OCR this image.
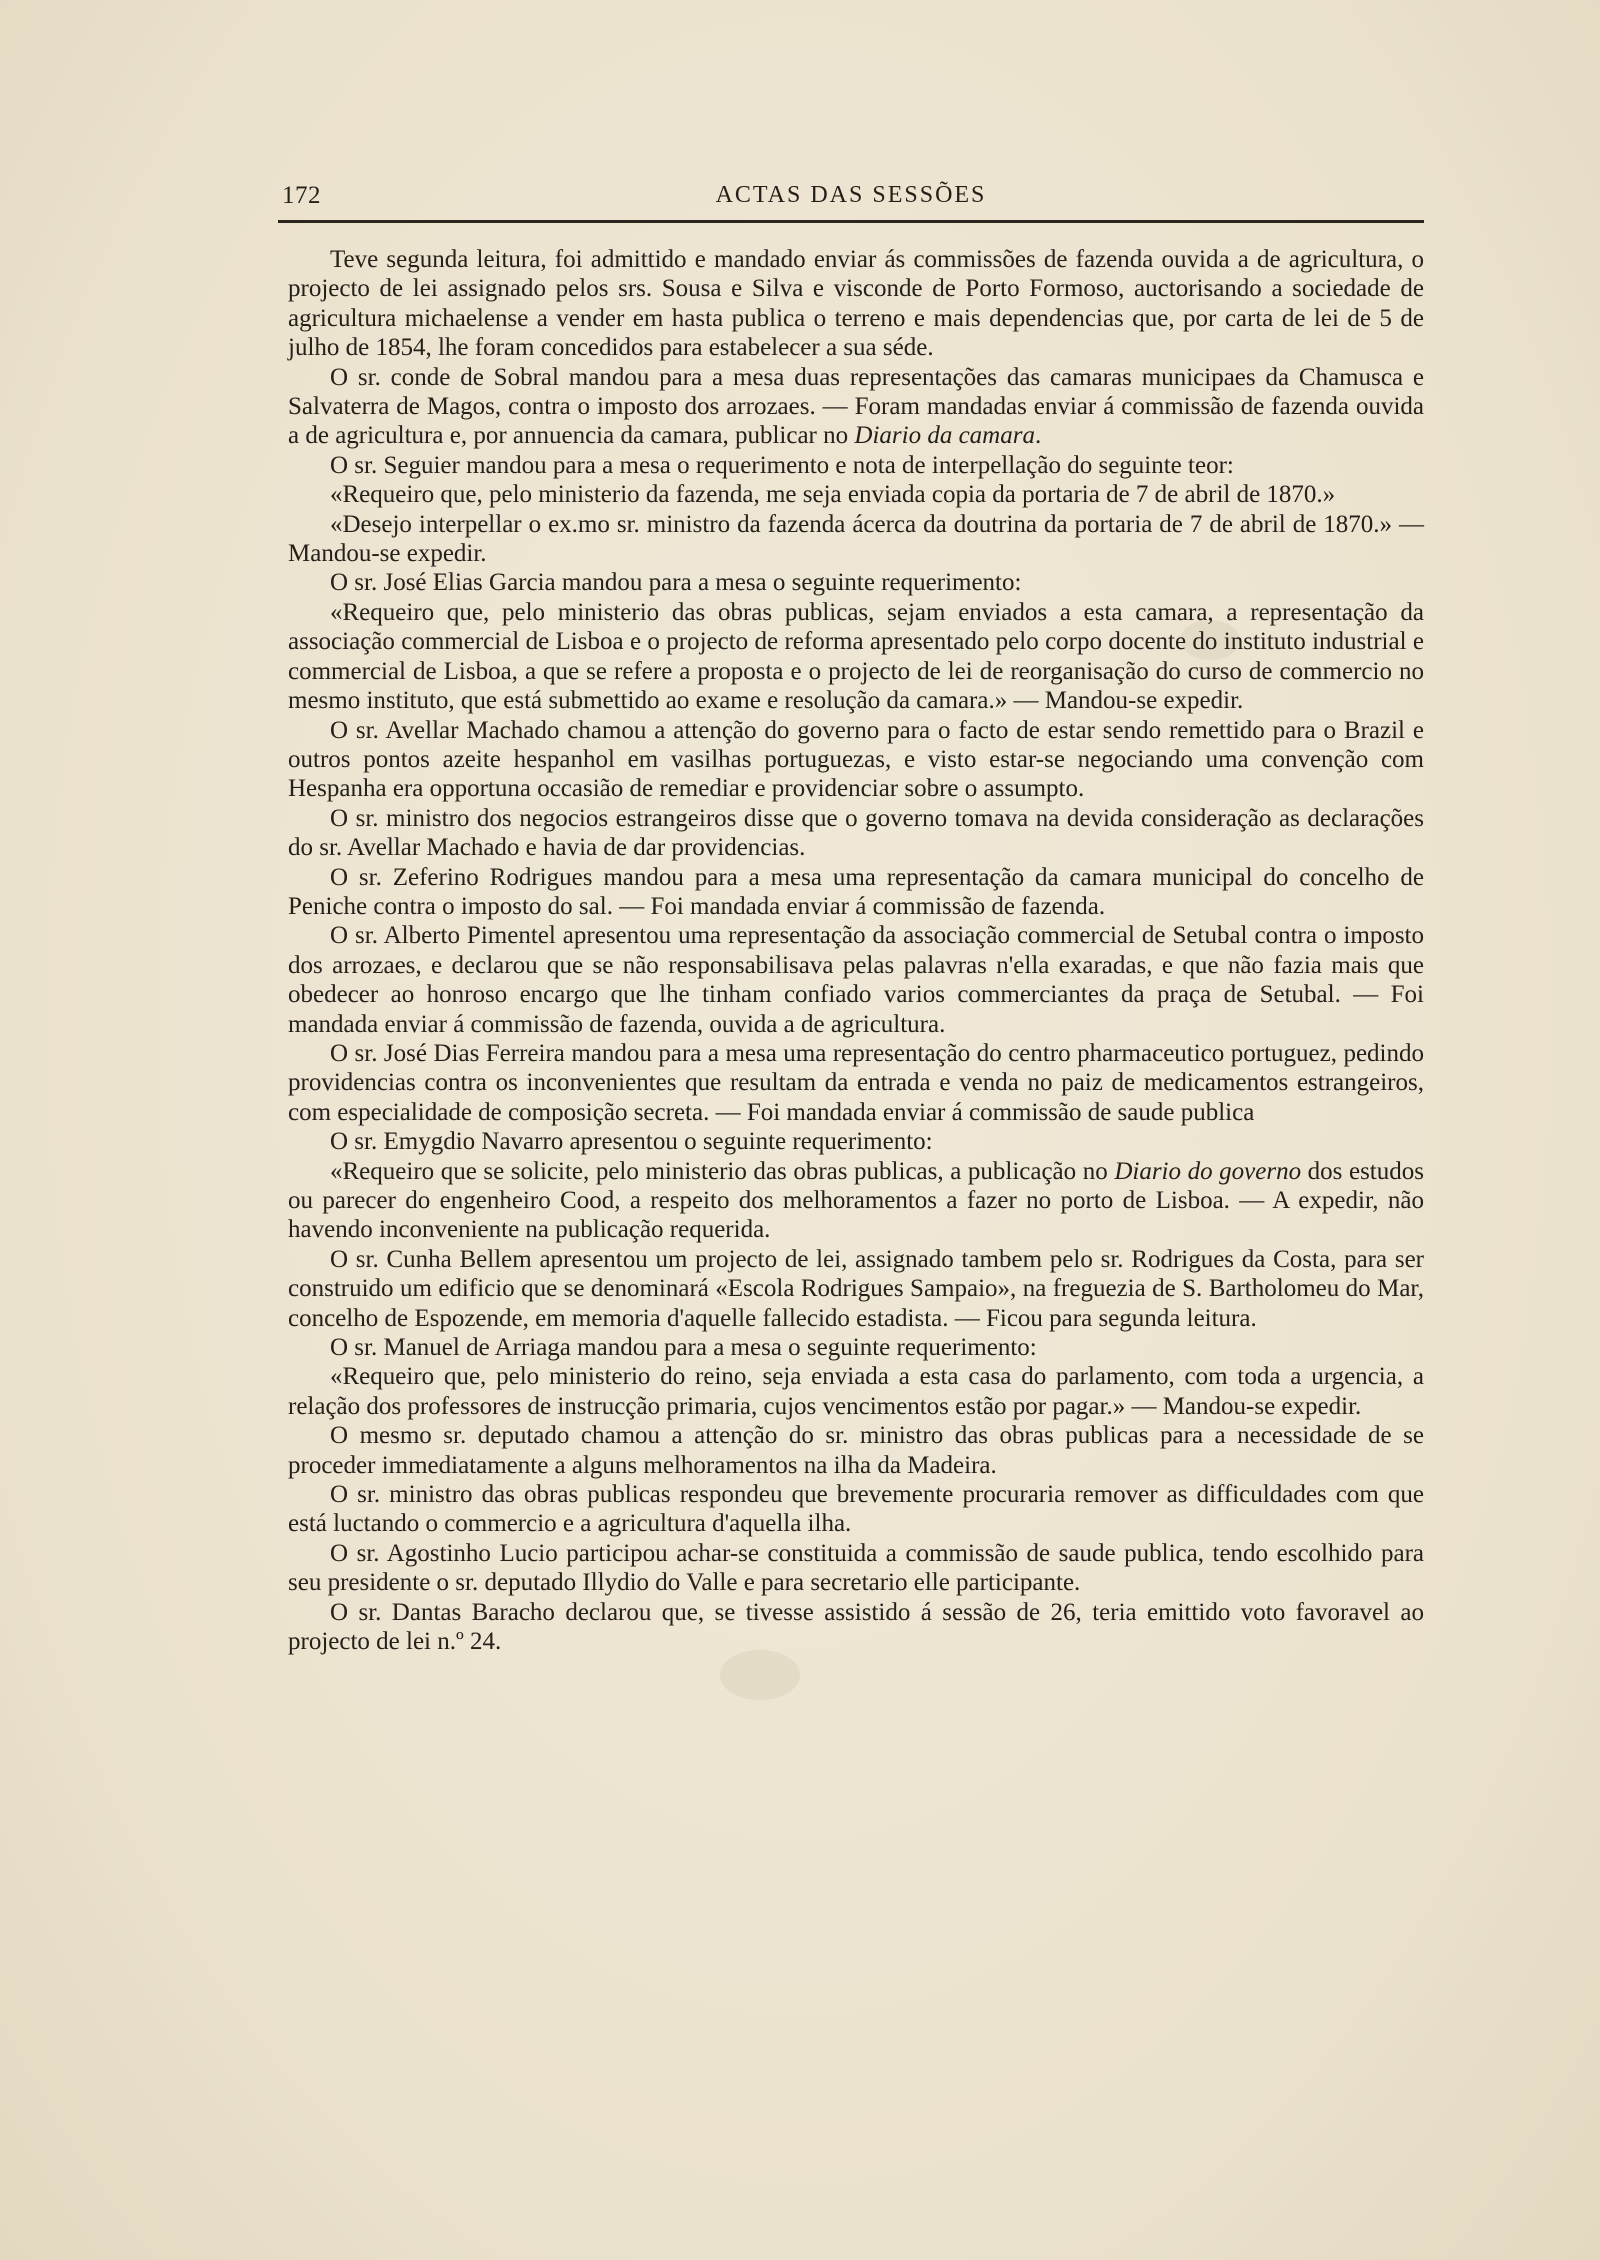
172	ACTAS DAS SESSÕES

Teve segunda leitura, foi admittido e mandado enviar ás commissões de fazenda ouvida a de agricultura, o projecto de lei assignado pelos srs. Sousa e Silva e visconde de Porto Formoso, auctorisando a sociedade de agricultura michaelense a vender em hasta publica o terreno e mais dependencias que, por carta de lei de 5 de julho de 1854, lhe foram concedidos para estabelecer a sua séde.

O sr. conde de Sobral mandou para a mesa duas representações das camaras municipaes da Chamusca e Salvaterra de Magos, contra o imposto dos arrozaes. — Foram mandadas enviar á commissão de fazenda ouvida a de agricultura e, por annuencia da camara, publicar no Diario da camara.

O sr. Seguier mandou para a mesa o requerimento e nota de interpellação do seguinte teor:

«Requeiro que, pelo ministerio da fazenda, me seja enviada copia da portaria de 7 de abril de 1870.»

«Desejo interpellar o ex.mo sr. ministro da fazenda ácerca da doutrina da portaria de 7 de abril de 1870.» — Mandou-se expedir.

O sr. José Elias Garcia mandou para a mesa o seguinte requerimento:

«Requeiro que, pelo ministerio das obras publicas, sejam enviados a esta camara, a representação da associação commercial de Lisboa e o projecto de reforma apresentado pelo corpo docente do instituto industrial e commercial de Lisboa, a que se refere a proposta e o projecto de lei de reorganisação do curso de commercio no mesmo instituto, que está submettido ao exame e resolução da camara.» — Mandou-se expedir.

O sr. Avellar Machado chamou a attenção do governo para o facto de estar sendo remettido para o Brazil e outros pontos azeite hespanhol em vasilhas portuguezas, e visto estar-se negociando uma convenção com Hespanha era opportuna occasião de remediar e providenciar sobre o assumpto.

O sr. ministro dos negocios estrangeiros disse que o governo tomava na devida consideração as declarações do sr. Avellar Machado e havia de dar providencias.

O sr. Zeferino Rodrigues mandou para a mesa uma representação da camara municipal do concelho de Peniche contra o imposto do sal. — Foi mandada enviar á commissão de fazenda.

O sr. Alberto Pimentel apresentou uma representação da associação commercial de Setubal contra o imposto dos arrozaes, e declarou que se não responsabilisava pelas palavras n'ella exaradas, e que não fazia mais que obedecer ao honroso encargo que lhe tinham confiado varios commerciantes da praça de Setubal. — Foi mandada enviar á commissão de fazenda, ouvida a de agricultura.

O sr. José Dias Ferreira mandou para a mesa uma representação do centro pharmaceutico portuguez, pedindo providencias contra os inconvenientes que resultam da entrada e venda no paiz de medicamentos estrangeiros, com especialidade de composição secreta. — Foi mandada enviar á commissão de saude publica

O sr. Emygdio Navarro apresentou o seguinte requerimento:

«Requeiro que se solicite, pelo ministerio das obras publicas, a publicação no Diario do governo dos estudos ou parecer do engenheiro Cood, a respeito dos melhoramentos a fazer no porto de Lisboa. — A expedir, não havendo inconveniente na publicação requerida.

O sr. Cunha Bellem apresentou um projecto de lei, assignado tambem pelo sr. Rodrigues da Costa, para ser construido um edificio que se denominará «Escola Rodrigues Sampaio», na freguezia de S. Bartholomeu do Mar, concelho de Espozende, em memoria d'aquelle fallecido estadista. — Ficou para segunda leitura.

O sr. Manuel de Arriaga mandou para a mesa o seguinte requerimento:

«Requeiro que, pelo ministerio do reino, seja enviada a esta casa do parlamento, com toda a urgencia, a relação dos professores de instrucção primaria, cujos vencimentos estão por pagar.» — Mandou-se expedir.

O mesmo sr. deputado chamou a attenção do sr. ministro das obras publicas para a necessidade de se proceder immediatamente a alguns melhoramentos na ilha da Madeira.

O sr. ministro das obras publicas respondeu que brevemente procuraria remover as difficuldades com que está luctando o commercio e a agricultura d'aquella ilha.

O sr. Agostinho Lucio participou achar-se constituida a commissão de saude publica, tendo escolhido para seu presidente o sr. deputado Illydio do Valle e para secretario elle participante.

O sr. Dantas Baracho declarou que, se tivesse assistido á sessão de 26, teria emittido voto favoravel ao projecto de lei n.º 24.
